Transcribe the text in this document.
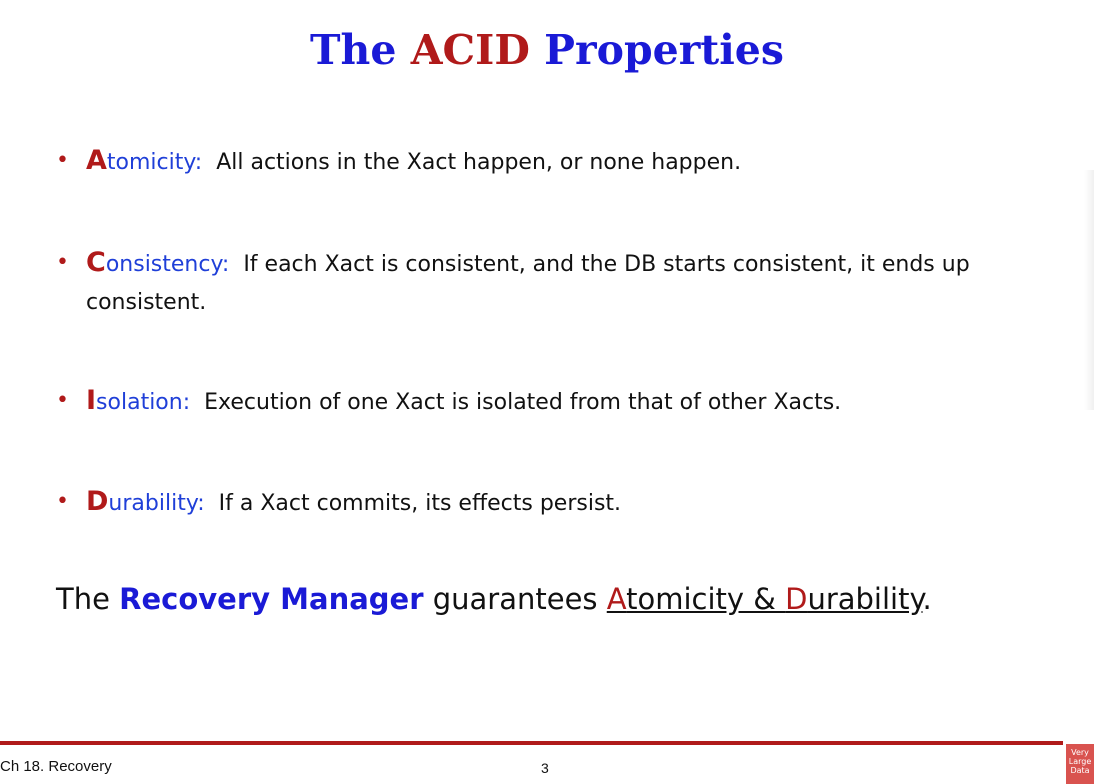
The ACID Properties
• Atomicity: All actions in the Xact happen, or none happen.
• Consistency: If each Xact is consistent, and the DB starts consistent, it ends up consistent.
• Isolation: Execution of one Xact is isolated from that of other Xacts.
• Durability: If a Xact commits, its effects persist.
The Recovery Manager guarantees Atomicity & Durability.
Ch 18. Recovery	3
Very
Large
Data
